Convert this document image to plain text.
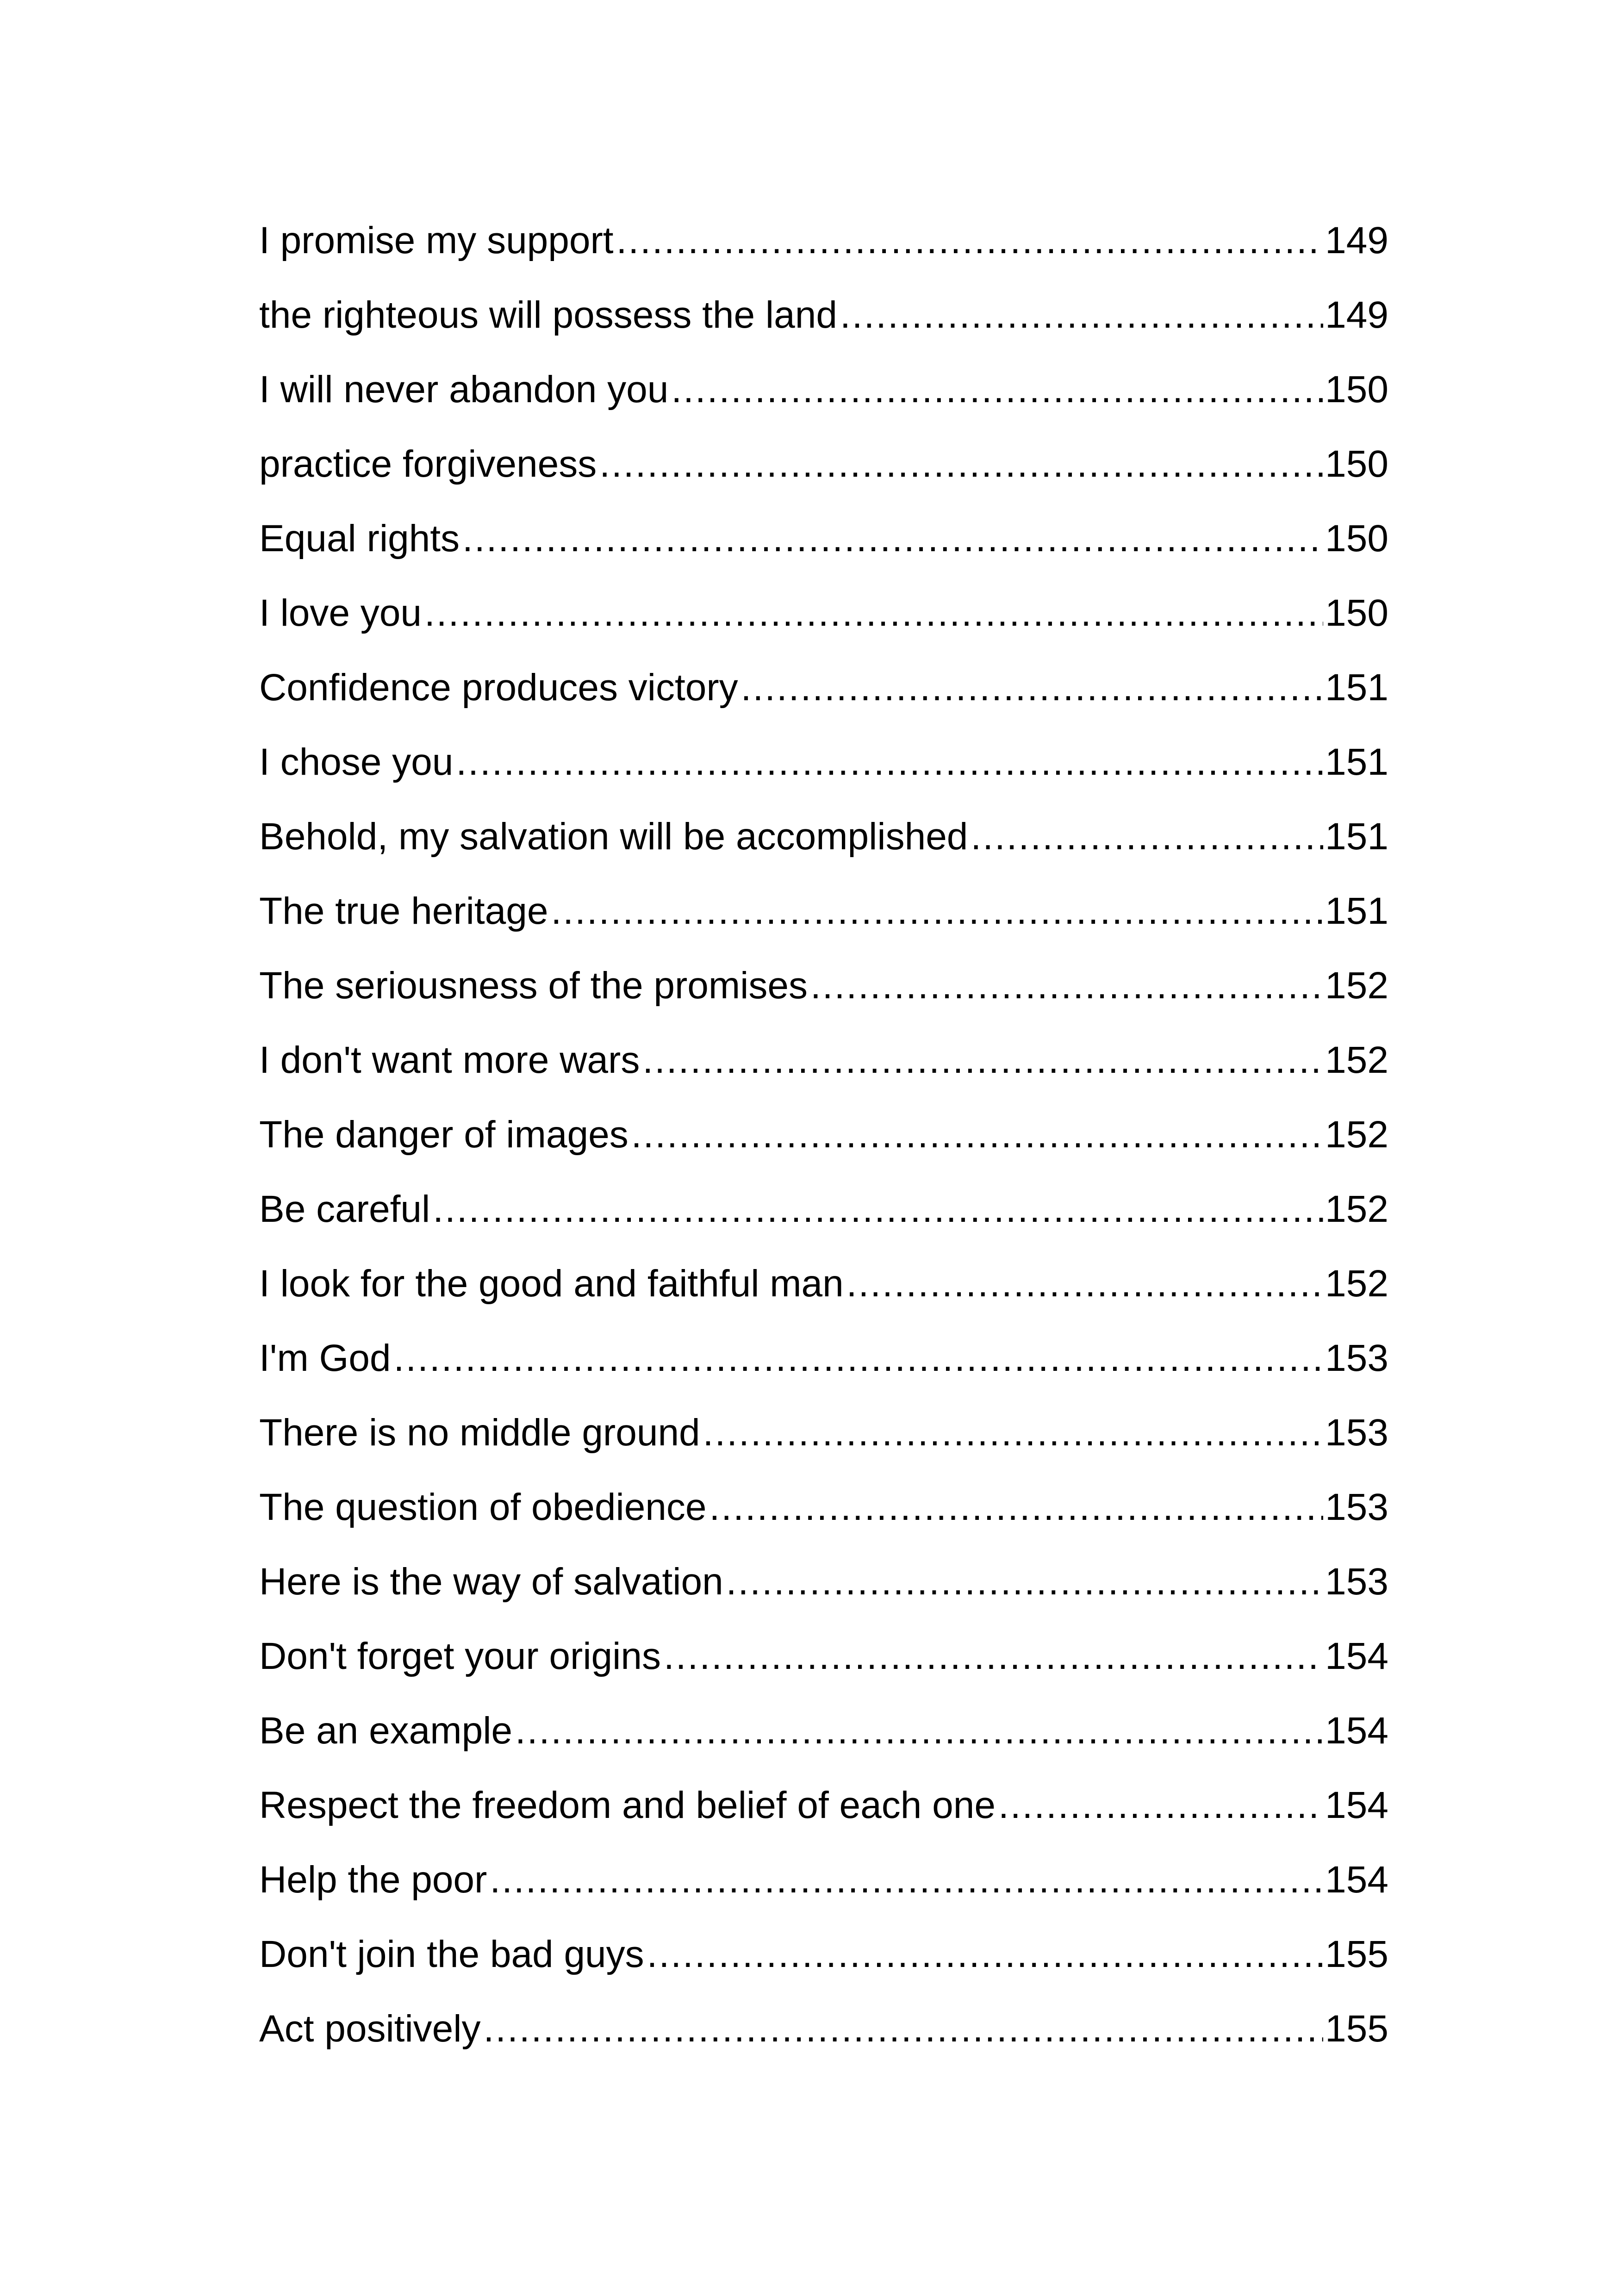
I promise my support .....	149
the righteous will possess the land .....	149
I will never abandon you .....	150
practice forgiveness .....	150
Equal rights .....	150
I love you .....	150
Confidence produces victory .....	151
I chose you .....	151
Behold, my salvation will be accomplished .....	151
The true heritage .....	151
The seriousness of the promises .....	152
I don't want more wars .....	152
The danger of images .....	152
Be careful .....	152
I look for the good and faithful man .....	152
I'm God .....	153
There is no middle ground .....	153
The question of obedience .....	153
Here is the way of salvation .....	153
Don't forget your origins .....	154
Be an example .....	154
Respect the freedom and belief of each one .....	154
Help the poor .....	154
Don't join the bad guys .....	155
Act positively .....	155
